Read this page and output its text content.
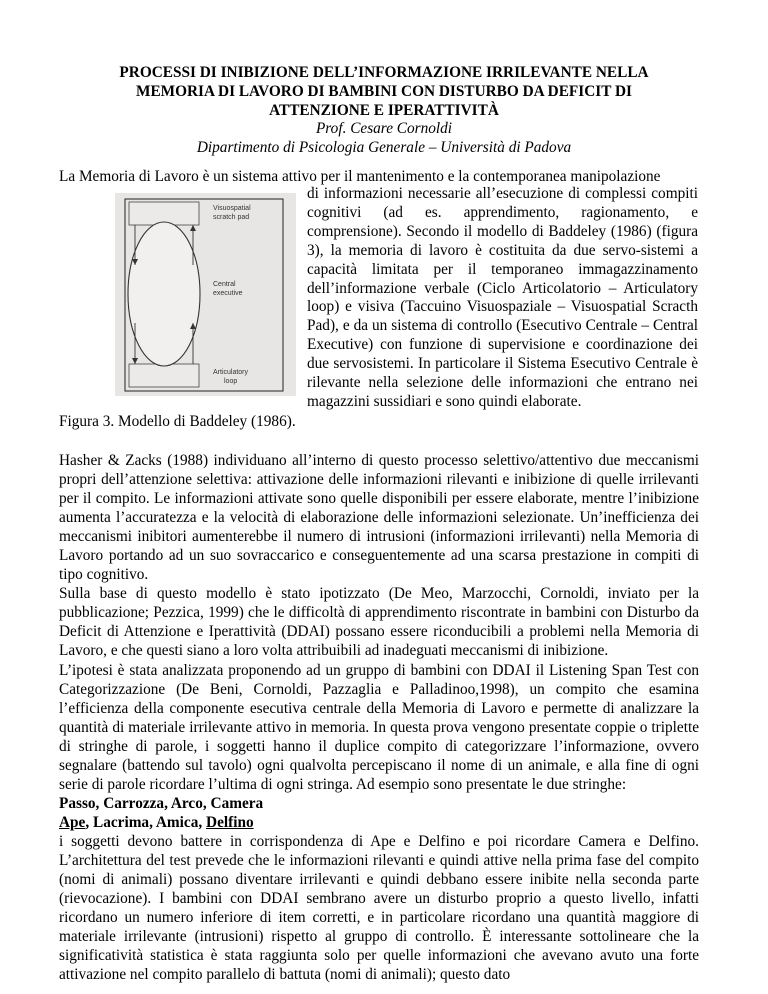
PROCESSI DI INIBIZIONE DELL’INFORMAZIONE IRRILEVANTE NELLA
MEMORIA DI LAVORO DI BAMBINI CON DISTURBO DA DEFICIT DI
ATTENZIONE E IPERATTIVITÀ
Prof. Cesare Cornoldi
Dipartimento di Psicologia Generale – Università di Padova
La Memoria di Lavoro è un sistema attivo per il mantenimento e la contemporanea manipolazione
Visuospatial
scratch pad
Central
executive
Articulatory
loop
di informazioni necessarie all’esecuzione di complessi compiti cognitivi (ad es. apprendimento, ragionamento, e comprensione). Secondo il modello di Baddeley (1986) (figura 3), la memoria di lavoro è costituita da due servo-sistemi a capacità limitata per il temporaneo immagazzinamento dell’informazione verbale (Ciclo Articolatorio – Articulatory loop) e visiva (Taccuino Visuospaziale – Visuospatial Scracth Pad), e da un sistema di controllo (Esecutivo Centrale – Central Executive) con funzione di supervisione e coordinazione dei due servosistemi. In particolare il Sistema Esecutivo Centrale è rilevante nella selezione delle informazioni che entrano nei magazzini sussidiari e sono quindi elaborate.
Figura 3. Modello di Baddeley (1986).

Hasher & Zacks (1988) individuano all’interno di questo processo selettivo/attentivo due meccanismi propri dell’attenzione selettiva: attivazione delle informazioni rilevanti e inibizione di quelle irrilevanti per il compito. Le informazioni attivate sono quelle disponibili per essere elaborate, mentre l’inibizione aumenta l’accuratezza e la velocità di elaborazione delle informazioni selezionate. Un’inefficienza dei meccanismi inibitori aumenterebbe il numero di intrusioni (informazioni irrilevanti) nella Memoria di Lavoro portando ad un suo sovraccarico e conseguentemente ad una scarsa prestazione in compiti di tipo cognitivo.

Sulla base di questo modello è stato ipotizzato (De Meo, Marzocchi, Cornoldi, inviato per la pubblicazione; Pezzica, 1999) che le difficoltà di apprendimento riscontrate in bambini con Disturbo da Deficit di Attenzione e Iperattività (DDAI) possano essere riconducibili a problemi nella Memoria di Lavoro, e che questi siano a loro volta attribuibili ad inadeguati meccanismi di inibizione.

L’ipotesi è stata analizzata proponendo ad un gruppo di bambini con DDAI il Listening Span Test con Categorizzazione (De Beni, Cornoldi, Pazzaglia e Palladinoo,1998), un compito che esamina l’efficienza della componente esecutiva centrale della Memoria di Lavoro e permette di analizzare la quantità di materiale irrilevante attivo in memoria. In questa prova vengono presentate coppie o triplette di stringhe di parole, i soggetti hanno il duplice compito di categorizzare l’informazione, ovvero segnalare (battendo sul tavolo) ogni qualvolta percepiscano il nome di un animale, e alla fine di ogni serie di parole ricordare l’ultima di ogni stringa. Ad esempio sono presentate le due stringhe:

Passo, Carrozza, Arco, Camera
Ape, Lacrima, Amica, Delfino

i soggetti devono battere in corrispondenza di Ape e Delfino e poi ricordare Camera e Delfino. L’architettura del test prevede che le informazioni rilevanti e quindi attive nella prima fase del compito (nomi di animali) possano diventare irrilevanti e quindi debbano essere inibite nella seconda parte (rievocazione). I bambini con DDAI sembrano avere un disturbo proprio a questo livello, infatti ricordano un numero inferiore di item corretti, e in particolare ricordano una quantità maggiore di materiale irrilevante (intrusioni) rispetto al gruppo di controllo. È interessante sottolineare che la significatività statistica è stata raggiunta solo per quelle informazioni che avevano avuto una forte attivazione nel compito parallelo di battuta (nomi di animali); questo dato
